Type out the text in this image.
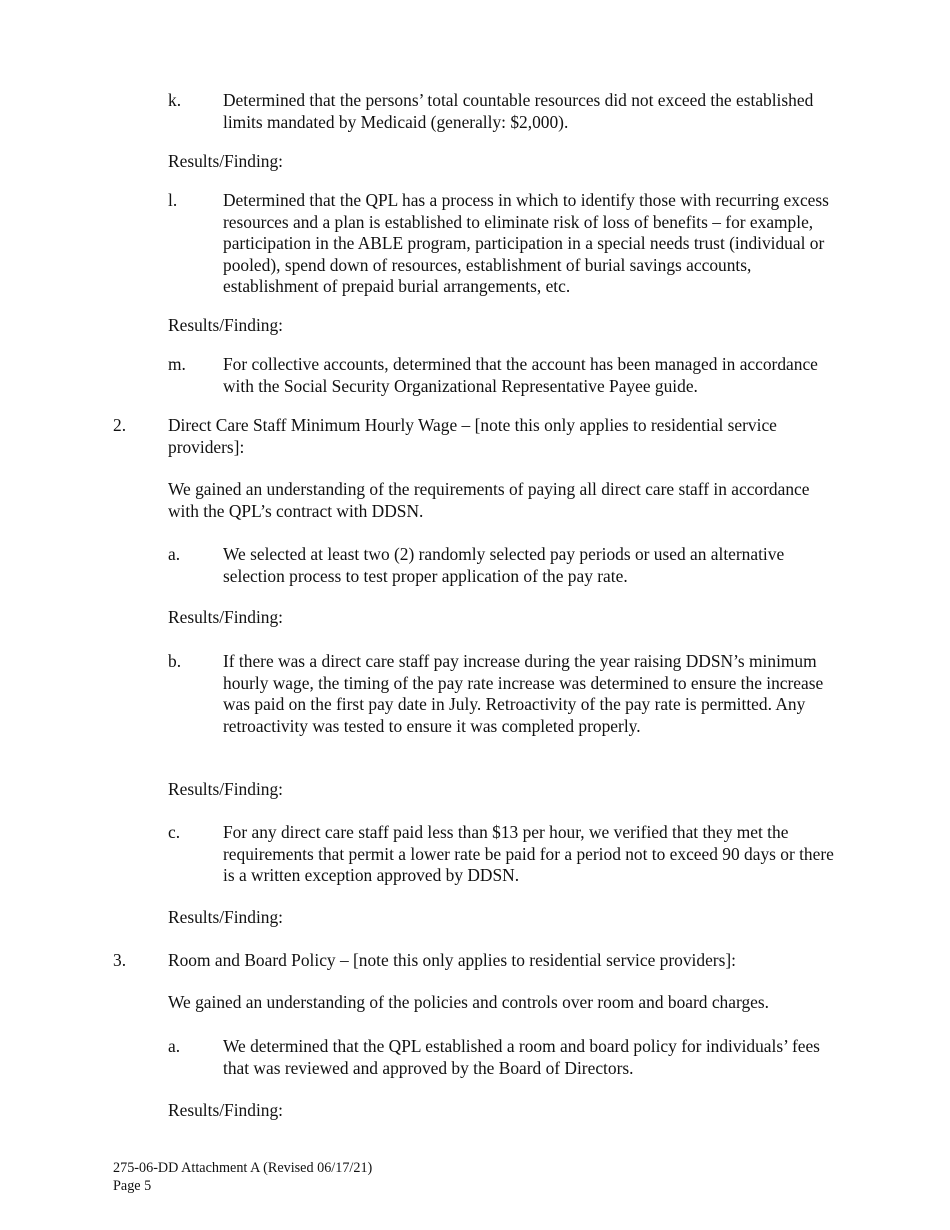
k. Determined that the persons’ total countable resources did not exceed the established limits mandated by Medicaid (generally: $2,000).

Results/Finding:

l.	Determined that the QPL has a process in which to identify those with recurring excess resources and a plan is established to eliminate risk of loss of benefits – for example, participation in the ABLE program, participation in a special needs trust (individual or pooled), spend down of resources, establishment of burial savings accounts, establishment of prepaid burial arrangements, etc.

Results/Finding:

m. For collective accounts, determined that the account has been managed in accordance with the Social Security Organizational Representative Payee guide.

2. Direct Care Staff Minimum Hourly Wage – [note this only applies to residential service providers]:

We gained an understanding of the requirements of paying all direct care staff in accordance with the QPL’s contract with DDSN.

a. We selected at least two (2) randomly selected pay periods or used an alternative selection process to test proper application of the pay rate.

Results/Finding:

b. If there was a direct care staff pay increase during the year raising DDSN’s minimum hourly wage, the timing of the pay rate increase was determined to ensure the increase was paid on the first pay date in July. Retroactivity of the pay rate is permitted. Any retroactivity was tested to ensure it was completed properly.

Results/Finding:

c. For any direct care staff paid less than $13 per hour, we verified that they met the requirements that permit a lower rate be paid for a period not to exceed 90 days or there is a written exception approved by DDSN.

Results/Finding:

3. Room and Board Policy – [note this only applies to residential service providers]:

We gained an understanding of the policies and controls over room and board charges.

a. We determined that the QPL established a room and board policy for individuals’ fees that was reviewed and approved by the Board of Directors.

Results/Finding:

275-06-DD Attachment A (Revised 06/17/21)
Page 5
